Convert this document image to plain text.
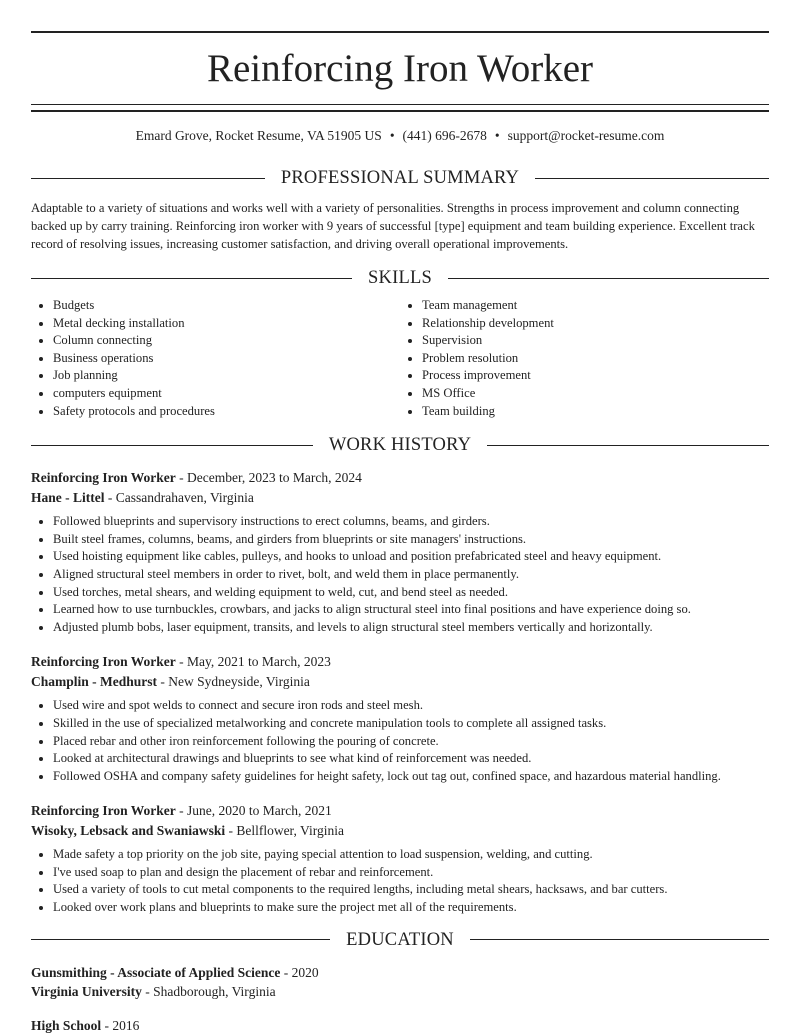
Reinforcing Iron Worker
Emard Grove, Rocket Resume, VA 51905 US • (441) 696-2678 • support@rocket-resume.com
PROFESSIONAL SUMMARY
Adaptable to a variety of situations and works well with a variety of personalities. Strengths in process improvement and column connecting backed up by carry training. Reinforcing iron worker with 9 years of successful [type] equipment and team building experience. Excellent track record of resolving issues, increasing customer satisfaction, and driving overall operational improvements.
SKILLS
• Budgets
• Metal decking installation
• Column connecting
• Business operations
• Job planning
• computers equipment
• Safety protocols and procedures
• Team management
• Relationship development
• Supervision
• Problem resolution
• Process improvement
• MS Office
• Team building
WORK HISTORY
Reinforcing Iron Worker - December, 2023 to March, 2024
Hane - Littel - Cassandrahaven, Virginia
• Followed blueprints and supervisory instructions to erect columns, beams, and girders.
• Built steel frames, columns, beams, and girders from blueprints or site managers' instructions.
• Used hoisting equipment like cables, pulleys, and hooks to unload and position prefabricated steel and heavy equipment.
• Aligned structural steel members in order to rivet, bolt, and weld them in place permanently.
• Used torches, metal shears, and welding equipment to weld, cut, and bend steel as needed.
• Learned how to use turnbuckles, crowbars, and jacks to align structural steel into final positions and have experience doing so.
• Adjusted plumb bobs, laser equipment, transits, and levels to align structural steel members vertically and horizontally.
Reinforcing Iron Worker - May, 2021 to March, 2023
Champlin - Medhurst - New Sydneyside, Virginia
• Used wire and spot welds to connect and secure iron rods and steel mesh.
• Skilled in the use of specialized metalworking and concrete manipulation tools to complete all assigned tasks.
• Placed rebar and other iron reinforcement following the pouring of concrete.
• Looked at architectural drawings and blueprints to see what kind of reinforcement was needed.
• Followed OSHA and company safety guidelines for height safety, lock out tag out, confined space, and hazardous material handling.
Reinforcing Iron Worker - June, 2020 to March, 2021
Wisoky, Lebsack and Swaniawski - Bellflower, Virginia
• Made safety a top priority on the job site, paying special attention to load suspension, welding, and cutting.
• I've used soap to plan and design the placement of rebar and reinforcement.
• Used a variety of tools to cut metal components to the required lengths, including metal shears, hacksaws, and bar cutters.
• Looked over work plans and blueprints to make sure the project met all of the requirements.
EDUCATION
Gunsmithing - Associate of Applied Science - 2020
Virginia University - Shadborough, Virginia
High School - 2016
